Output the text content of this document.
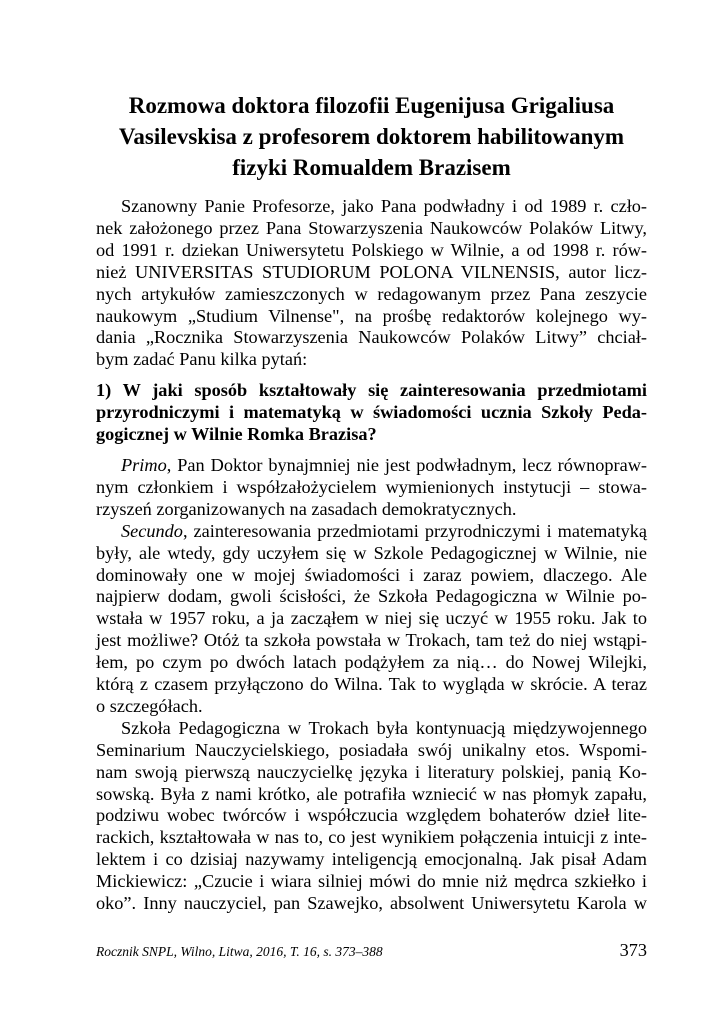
Rozmowa doktora filozofii Eugenijusa Grigaliusa
Vasilevskisa z profesorem doktorem habilitowanym
fizyki Romualdem Brazisem
Szanowny Panie Profesorze, jako Pana podwładny i od 1989 r. czło-
nek założonego przez Pana Stowarzyszenia Naukowców Polaków Litwy,
od 1991 r. dziekan Uniwersytetu Polskiego w Wilnie, a od 1998 r. rów-
nież UNIVERSITAS STUDIORUM POLONA VILNENSIS, autor licz-
nych artykułów zamieszczonych w redagowanym przez Pana zeszycie
naukowym „Studium Vilnense", na prośbę redaktorów kolejnego wy-
dania „Rocznika Stowarzyszenia Naukowców Polaków Litwy” chciał-
bym zadać Panu kilka pytań:
1) W jaki sposób kształtowały się zainteresowania przedmiotami
przyrodniczymi i matematyką w świadomości ucznia Szkoły Peda-
gogicznej w Wilnie Romka Brazisa?
Primo, Pan Doktor bynajmniej nie jest podwładnym, lecz równopraw-
nym członkiem i współzałożycielem wymienionych instytucji – stowa-
rzyszeń zorganizowanych na zasadach demokratycznych.
Secundo, zainteresowania przedmiotami przyrodniczymi i matematyką
były, ale wtedy, gdy uczyłem się w Szkole Pedagogicznej w Wilnie, nie
dominowały one w mojej świadomości i zaraz powiem, dlaczego. Ale
najpierw dodam, gwoli ścisłości, że Szkoła Pedagogiczna w Wilnie po-
wstała w 1957 roku, a ja zacząłem w niej się uczyć w 1955 roku. Jak to
jest możliwe? Otóż ta szkoła powstała w Trokach, tam też do niej wstąpi-
łem, po czym po dwóch latach podążyłem za nią… do Nowej Wilejki,
którą z czasem przyłączono do Wilna. Tak to wygląda w skrócie. A teraz
o szczegółach.
Szkoła Pedagogiczna w Trokach była kontynuacją międzywojennego
Seminarium Nauczycielskiego, posiadała swój unikalny etos. Wspomi-
nam swoją pierwszą nauczycielkę języka i literatury polskiej, panią Ko-
sowską. Była z nami krótko, ale potrafiła wzniecić w nas płomyk zapału,
podziwu wobec twórców i współczucia względem bohaterów dzieł lite-
rackich, kształtowała w nas to, co jest wynikiem połączenia intuicji z inte-
lektem i co dzisiaj nazywamy inteligencją emocjonalną. Jak pisał Adam
Mickiewicz: „Czucie i wiara silniej mówi do mnie niż mędrca szkiełko i
oko”. Inny nauczyciel, pan Szawejko, absolwent Uniwersytetu Karola w
Rocznik SNPL, Wilno, Litwa, 2016, T. 16, s. 373–388	373
